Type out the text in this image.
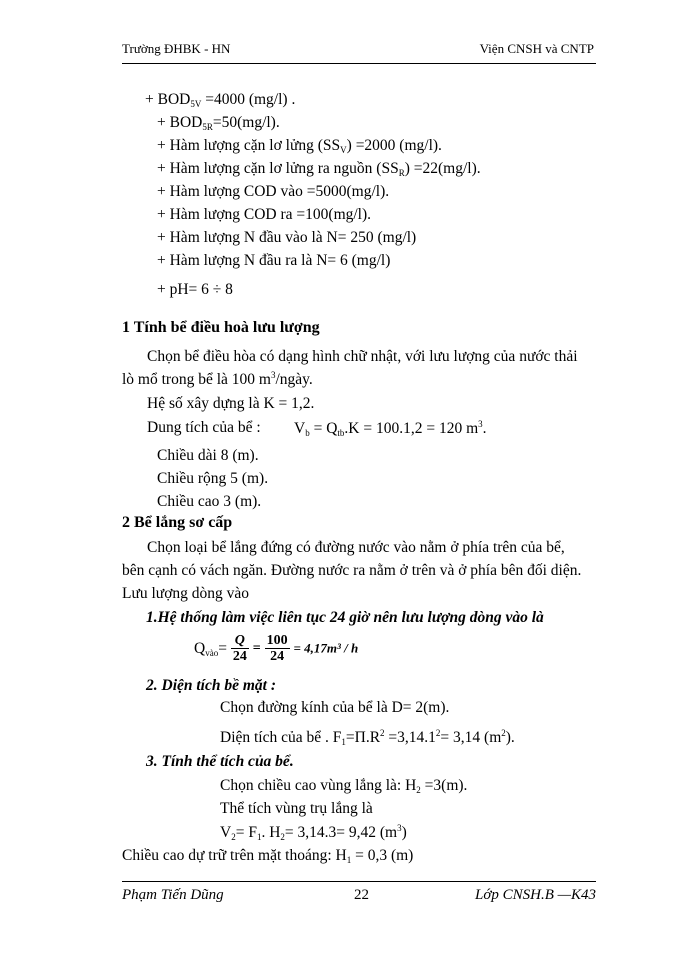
Trường ĐHBK - HN	Viện CNSH và CNTP
+ $BOD_{5V} =4000$ (mg/l) .
+ $BOD_{5R}=50(mg/l)$.
+ Hàm lượng cặn lơ lửng $(SS_V) =2000$ (mg/l).
+ Hàm lượng cặn lơ lửng ra nguồn $(SS_R) =22(mg/l)$.
+ Hàm lượng COD vào =5000(mg/l).
+ Hàm lượng COD ra =100(mg/l).
+ Hàm lượng N đầu vào là N= 250 (mg/l)
+ Hàm lượng N đầu ra là N= 6 (mg/l)
+ pH= 6 ÷ 8
1 Tính bể điều hoà lưu lượng
Chọn bể điều hòa có dạng hình chữ nhật, với lưu lượng của nước thải
lò mổ trong bể là 100 $m^3$/ngày.
Hệ số xây dựng là K = 1,2.
Dung tích của bể : $V_b = Q_{tb}.K = 100.1,2 = 120$ $m^3$.
Chiều dài 8 (m).
Chiều rộng 5 (m).
Chiều cao 3 (m).
2 Bể lắng sơ cấp
Chọn loại bể lắng đứng có đường nước vào nằm ở phía trên của bể,
bên cạnh có vách ngăn. Đường nước ra nằm ở trên và ở phía bên đối diện.
Lưu lượng dòng vào
1.Hệ thống làm việc liên tục 24 giờ nên lưu lượng dòng vào là
$Q_{vào}= \frac{Q}{24} = \frac{100}{24} = 4,17m^3 / h$
2. Diện tích bề mặt :
Chọn đường kính của bể là D= 2(m).
Diện tích của bể . $F_1=\Pi.R^2 =3,14.1^2= 3,14$ $(m^2)$.
3. Tính thể tích của bể.
Chọn chiều cao vùng lắng là: $H_2 =3(m)$.
Thể tích vùng trụ lắng là
$V_2= F_1$. $H_2= 3,14.3= 9,42$ $(m^3)$
Chiều cao dự trữ trên mặt thoáng: $H_1 = 0,3$ (m)
Phạm Tiến Dũng	22	Lớp CNSH.B —K43
